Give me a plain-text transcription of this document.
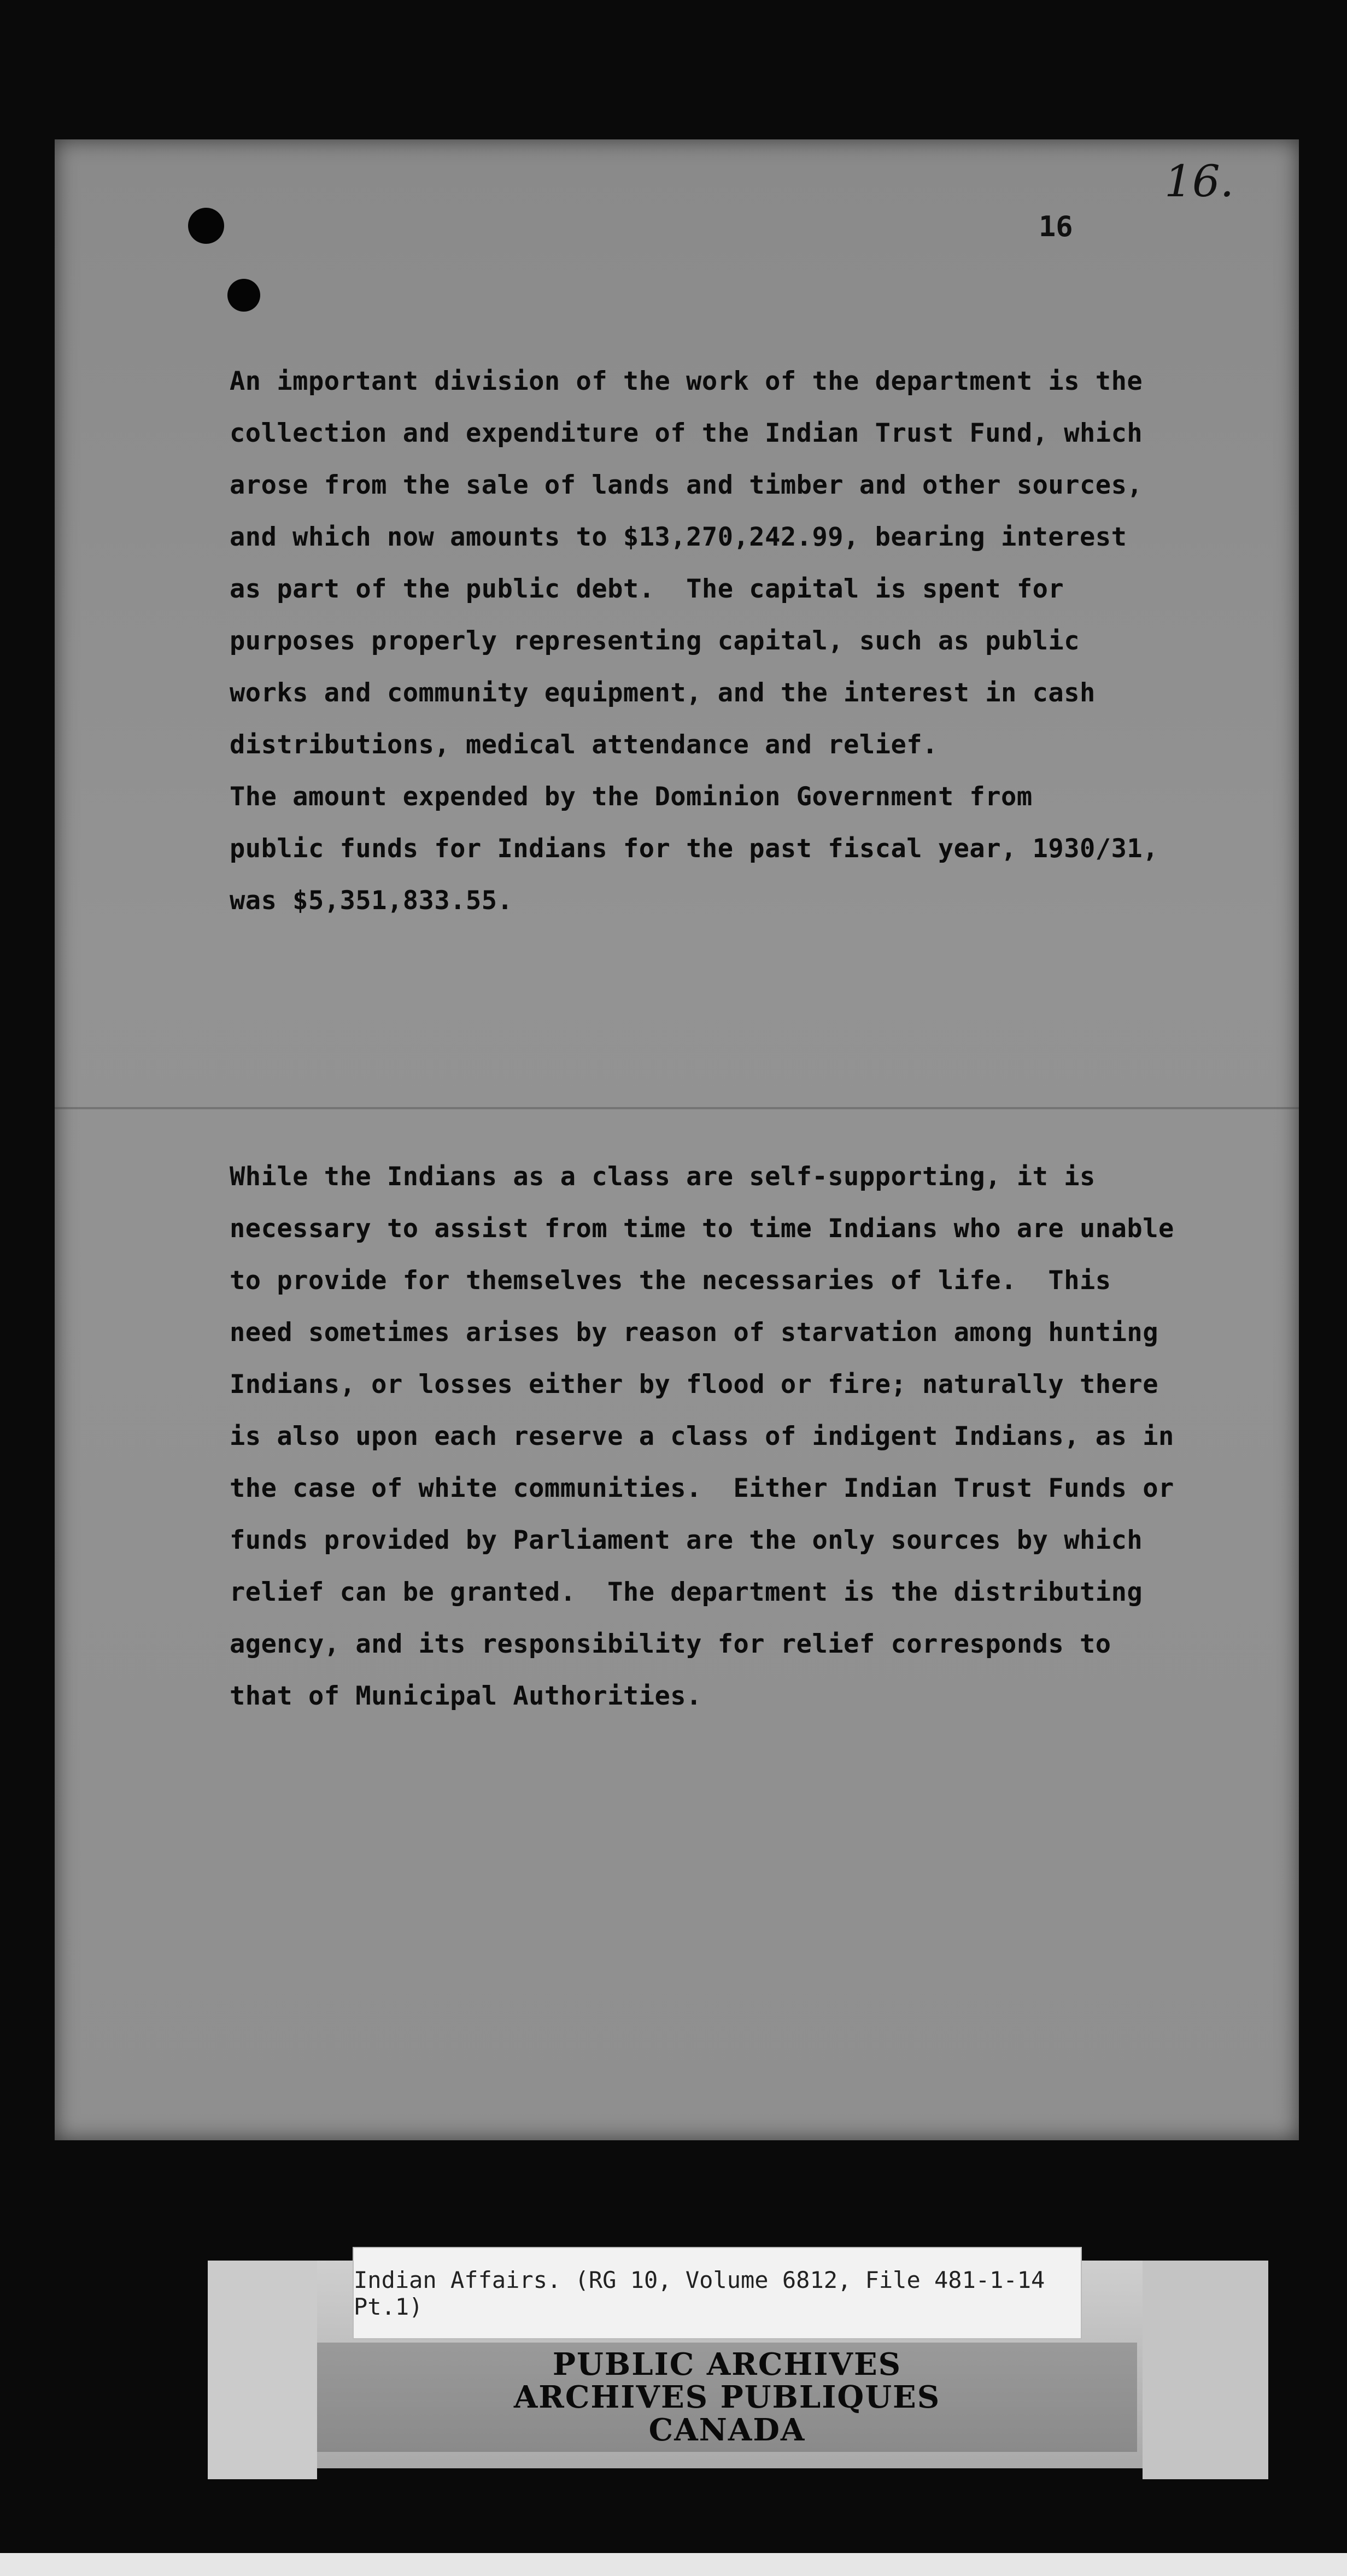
16.
16
An important division of the work of the department is the
collection and expenditure of the Indian Trust Fund, which
arose from the sale of lands and timber and other sources,
and which now amounts to $13,270,242.99, bearing interest
as part of the public debt.  The capital is spent for
purposes properly representing capital, such as public
works and community equipment, and the interest in cash
distributions, medical attendance and relief.
The amount expended by the Dominion Government from
public funds for Indians for the past fiscal year, 1930/31,
was $5,351,833.55.
While the Indians as a class are self-supporting, it is
necessary to assist from time to time Indians who are unable
to provide for themselves the necessaries of life.  This
need sometimes arises by reason of starvation among hunting
Indians, or losses either by flood or fire; naturally there
is also upon each reserve a class of indigent Indians, as in
the case of white communities.  Either Indian Trust Funds or
funds provided by Parliament are the only sources by which
relief can be granted.  The department is the distributing
agency, and its responsibility for relief corresponds to
that of Municipal Authorities.
Indian Affairs. (RG 10, Volume 6812, File 481-1-14 Pt.1)
PUBLIC ARCHIVES
ARCHIVES PUBLIQUES
CANADA
